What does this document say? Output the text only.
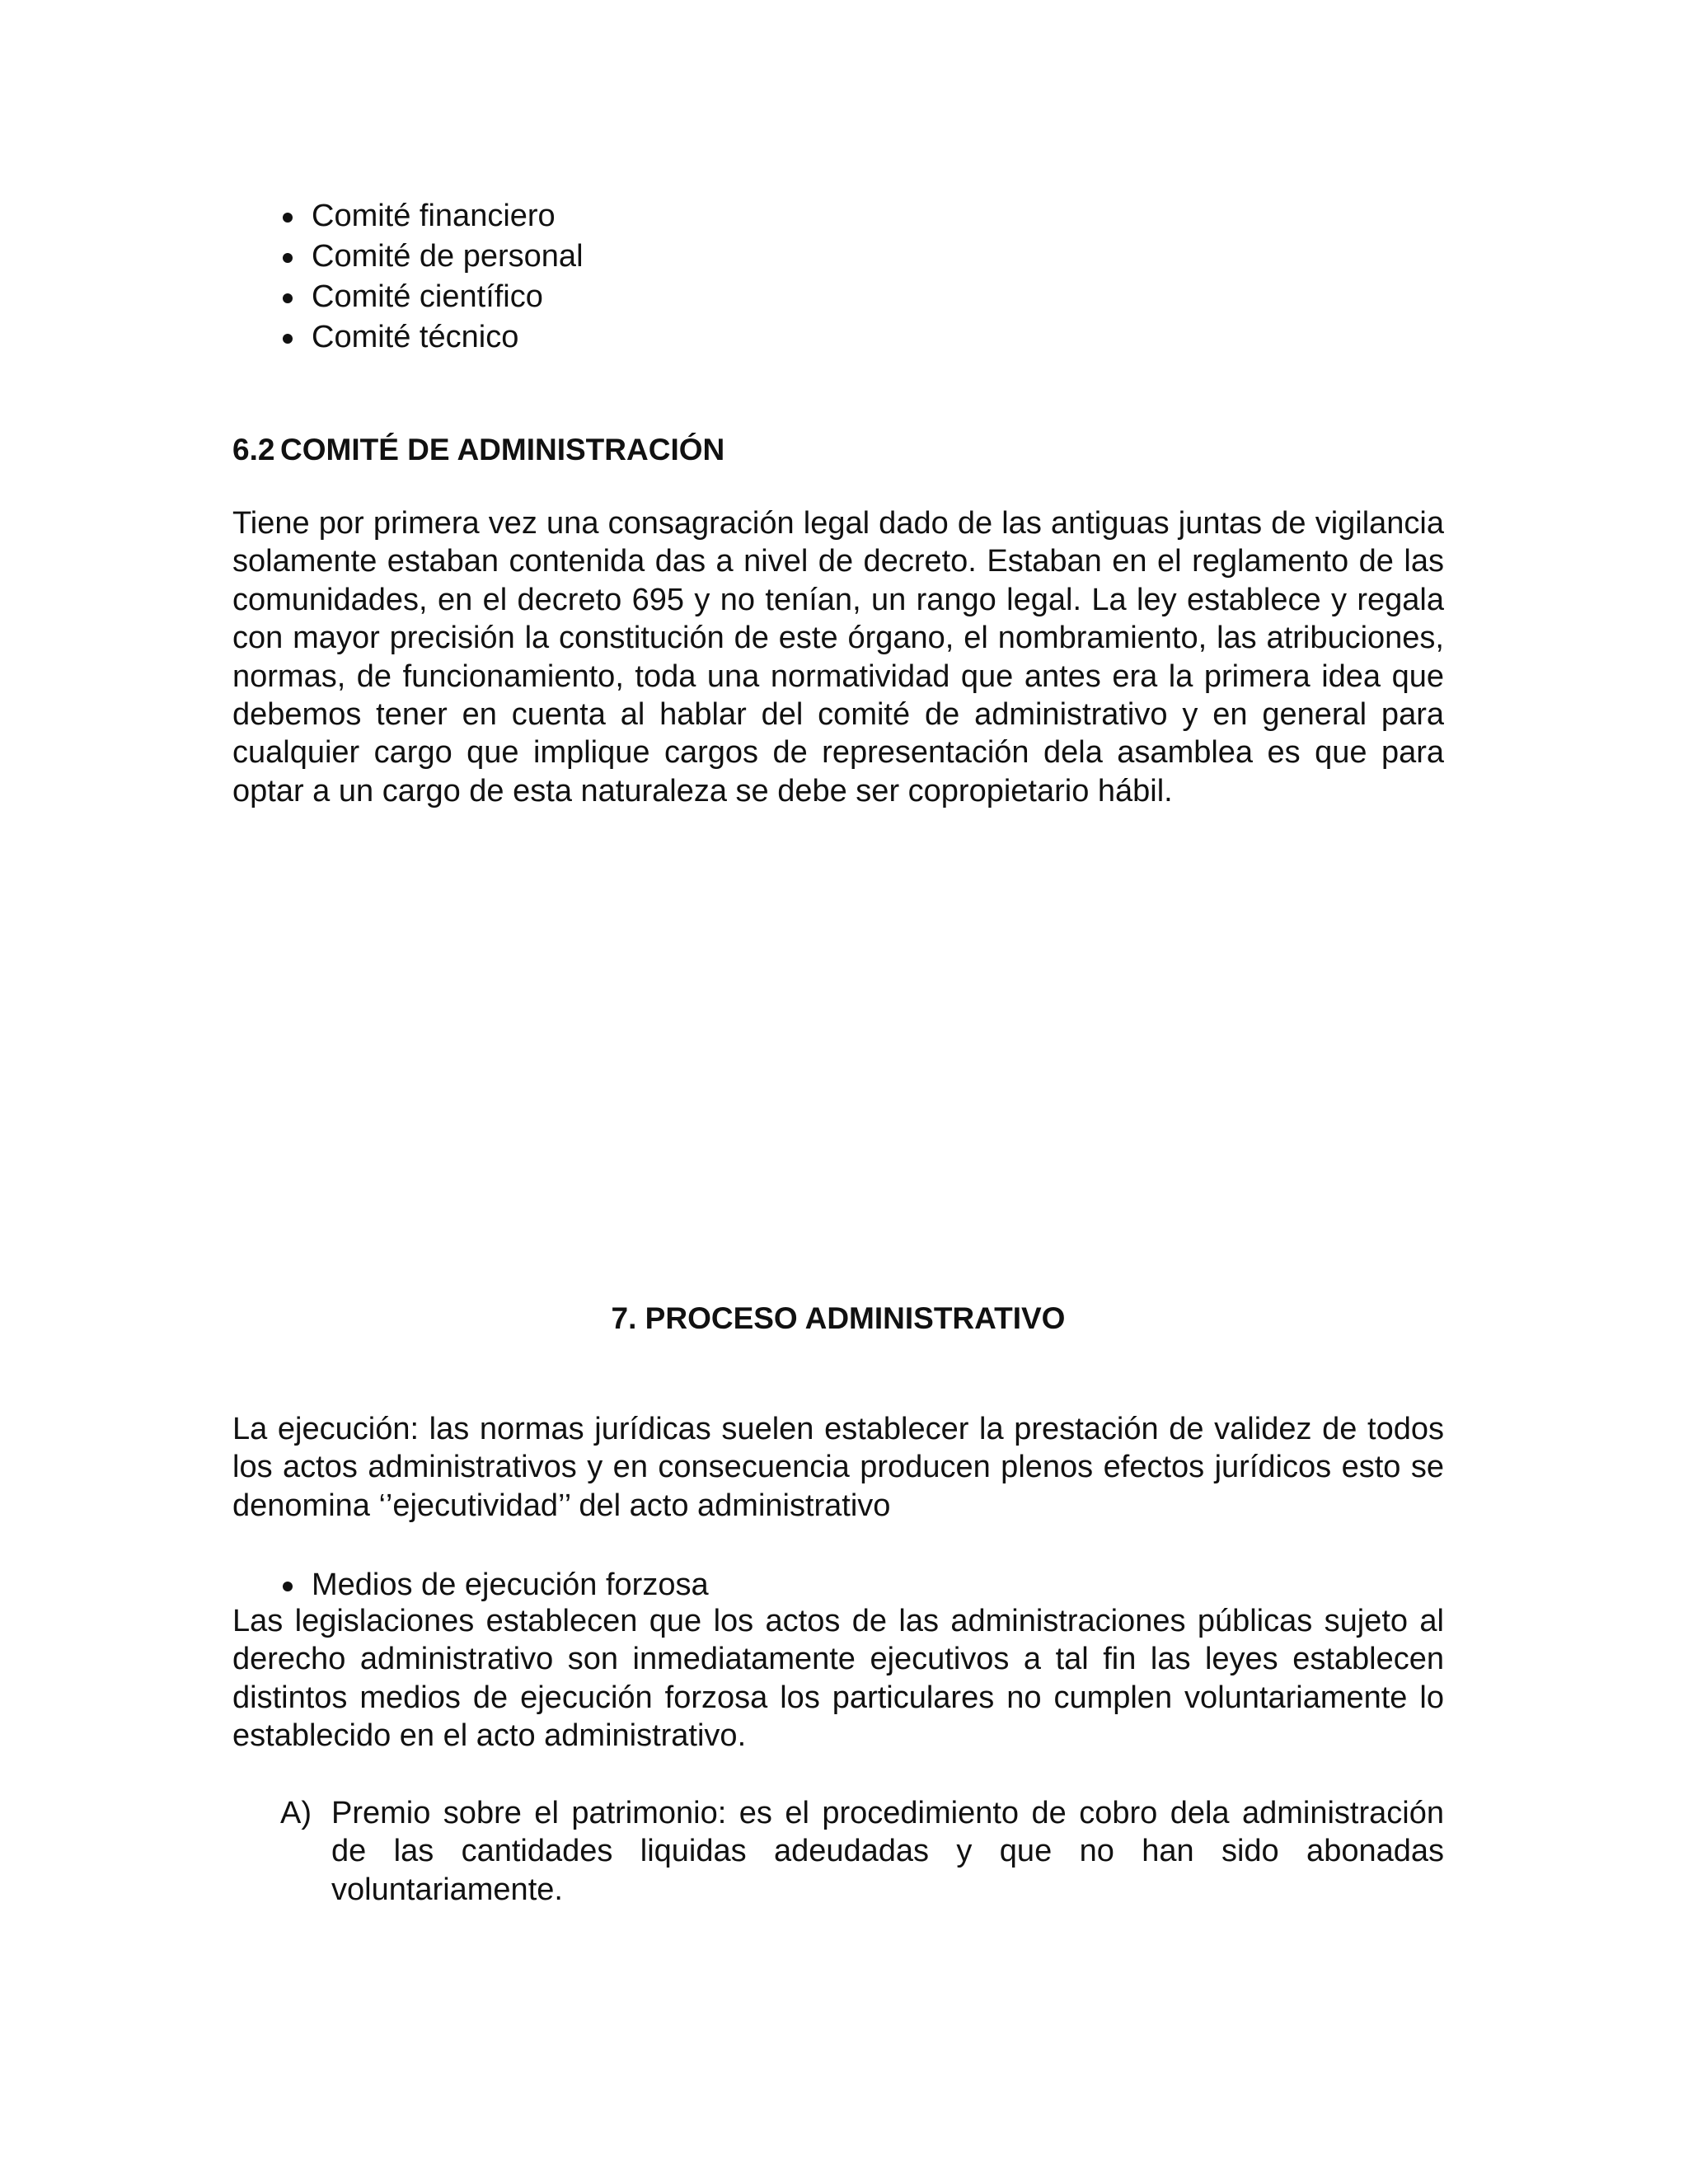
Comité financiero
Comité de personal
Comité científico
Comité técnico
6.2 COMITÉ DE ADMINISTRACIÓN

Tiene por primera vez una consagración legal dado de las antiguas juntas de vigilancia solamente estaban contenida das a nivel de decreto. Estaban en el reglamento de las comunidades, en el decreto 695 y no tenían, un rango legal. La ley establece y regala con mayor precisión la constitución de este órgano, el nombramiento, las atribuciones, normas, de funcionamiento, toda una normatividad que antes era la primera idea que debemos tener en cuenta al hablar del comité de administrativo y en general para cualquier cargo que implique cargos de representación dela asamblea es que para optar a un cargo de esta naturaleza se debe ser copropietario hábil.

7. PROCESO ADMINISTRATIVO

La ejecución: las normas jurídicas suelen establecer la prestación de validez de todos los actos administrativos y en consecuencia producen plenos efectos jurídicos esto se denomina ‘’ejecutividad’’ del acto administrativo

Medios de ejecución forzosa

Las legislaciones establecen que los actos de las administraciones públicas sujeto al derecho administrativo son inmediatamente ejecutivos a tal fin las leyes establecen distintos medios de ejecución forzosa los particulares no cumplen voluntariamente lo establecido en el acto administrativo.

A) Premio sobre el patrimonio: es el procedimiento de cobro dela administración de las cantidades liquidas adeudadas y que no han sido abonadas voluntariamente.
